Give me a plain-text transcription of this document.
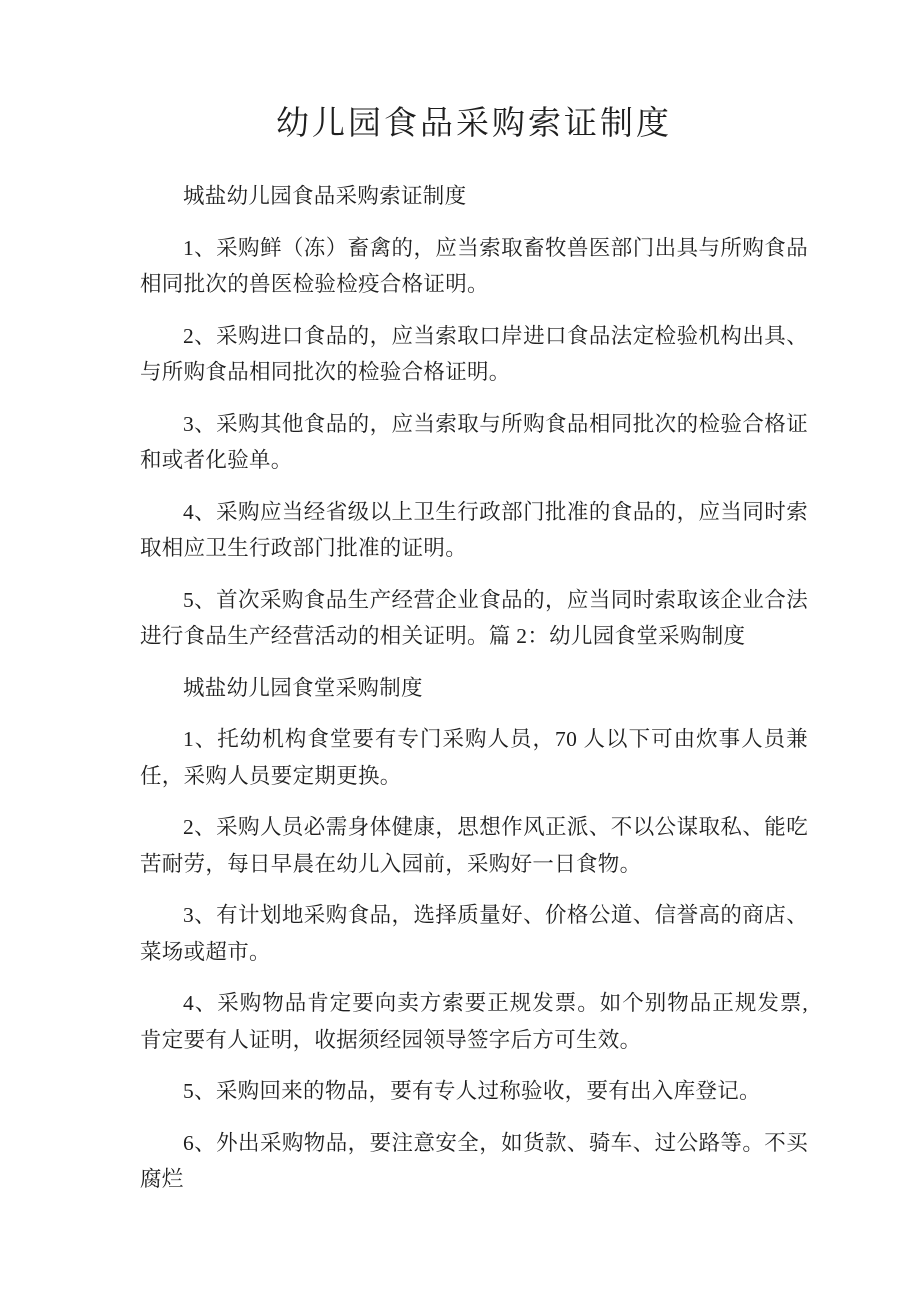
幼儿园食品采购索证制度

城盐幼儿园食品采购索证制度

1、采购鲜（冻）畜禽的，应当索取畜牧兽医部门出具与所购食品相同批次的兽医检验检疫合格证明。

2、采购进口食品的，应当索取口岸进口食品法定检验机构出具、与所购食品相同批次的检验合格证明。

3、采购其他食品的，应当索取与所购食品相同批次的检验合格证和或者化验单。

4、采购应当经省级以上卫生行政部门批准的食品的，应当同时索取相应卫生行政部门批准的证明。

5、首次采购食品生产经营企业食品的，应当同时索取该企业合法进行食品生产经营活动的相关证明。篇 2：幼儿园食堂采购制度

城盐幼儿园食堂采购制度

1、托幼机构食堂要有专门采购人员，70 人以下可由炊事人员兼任，采购人员要定期更换。

2、采购人员必需身体健康，思想作风正派、不以公谋取私、能吃苦耐劳，每日早晨在幼儿入园前，采购好一日食物。

3、有计划地采购食品，选择质量好、价格公道、信誉高的商店、菜场或超市。

4、采购物品肯定要向卖方索要正规发票。如个别物品正规发票,肯定要有人证明，收据须经园领导签字后方可生效。

5、采购回来的物品，要有专人过称验收，要有出入库登记。

6、外出采购物品，要注意安全，如货款、骑车、过公路等。不买腐烂
